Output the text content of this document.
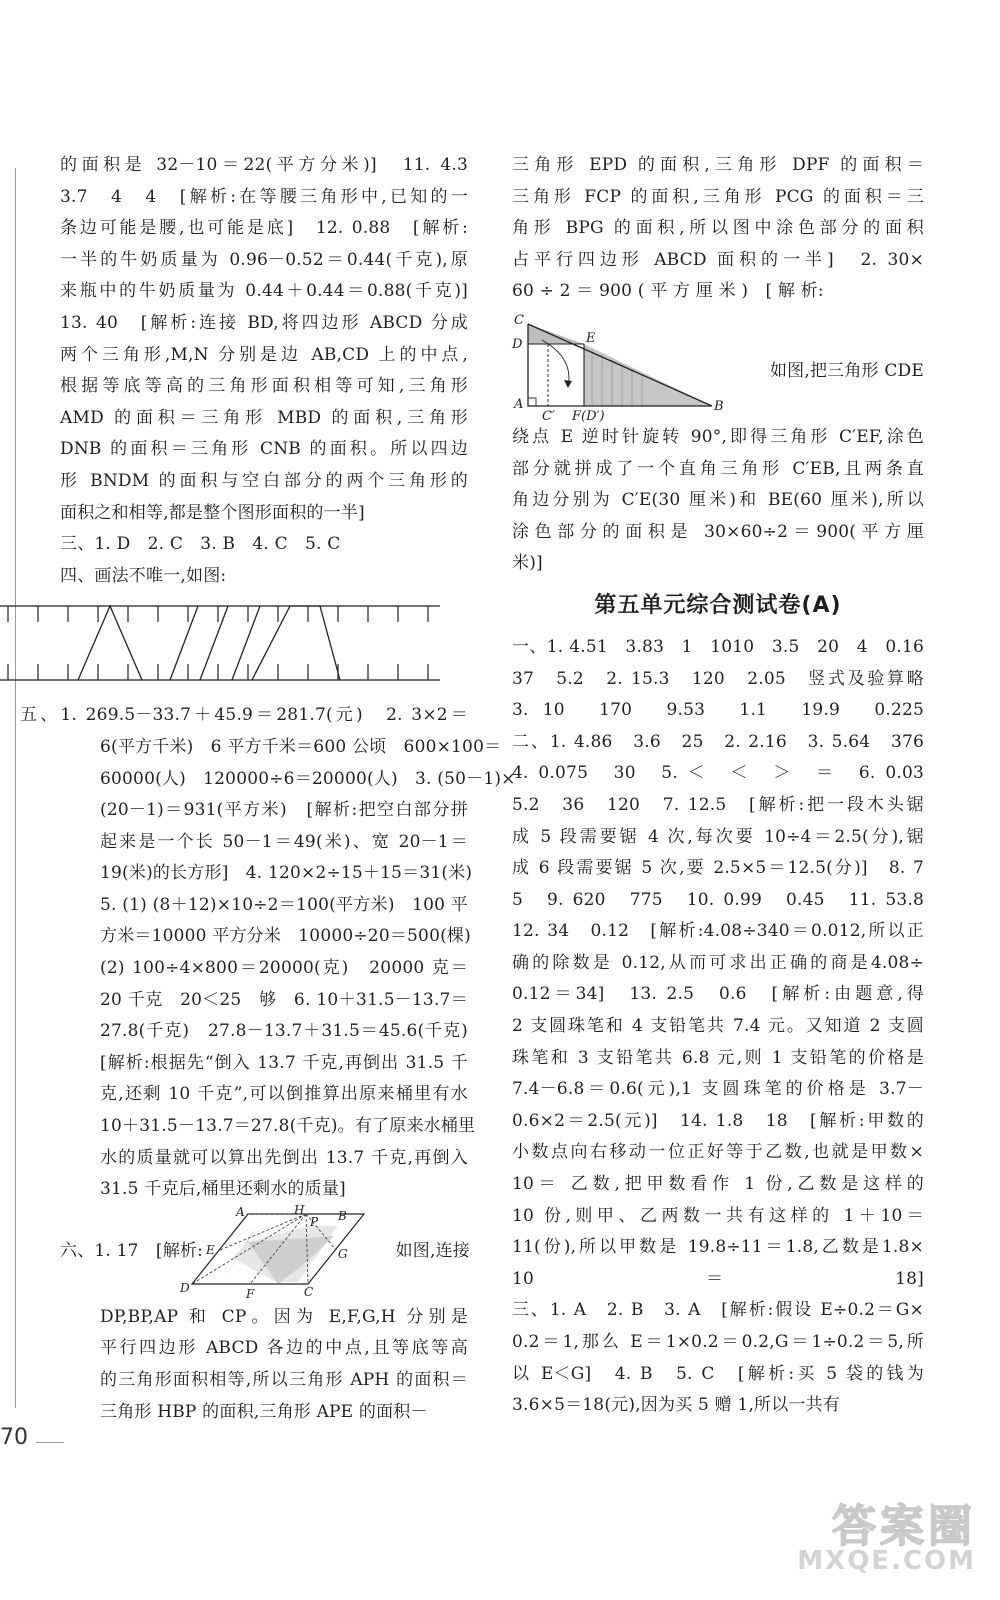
的面积是 32－10＝22(平方分米)]　11. 4.3
3.7　4　4　[解析:在等腰三角形中,已知的一
条边可能是腰,也可能是底]　12. 0.88　[解析:
一半的牛奶质量为 0.96－0.52＝0.44(千克),原
来瓶中的牛奶质量为 0.44＋0.44＝0.88(千克)]
13. 40　[解析:连接 BD,将四边形 ABCD 分成
两个三角形,M,N 分别是边 AB,CD 上的中点,
根据等底等高的三角形面积相等可知,三角形
AMD 的面积＝三角形 MBD 的面积,三角形
DNB 的面积＝三角形 CNB 的面积。所以四边
形 BNDM 的面积与空白部分的两个三角形的
面积之和相等,都是整个图形面积的一半]
三、1. D　2. C　3. B　4. C　5. C
四、画法不唯一,如图:
五、1. 269.5－33.7＋45.9＝281.7(元)　2. 3×2＝
6(平方千米)　6 平方千米＝600 公顷　600×100＝
60000(人)　120000÷6＝20000(人)　3. (50－1)×
(20－1)＝931(平方米)　[解析:把空白部分拼
起来是一个长 50－1＝49(米)、宽 20－1＝
19(米)的长方形]　4. 120×2÷15＋15＝31(米)
5. (1) (8＋12)×10÷2＝100(平方米)　100 平
方米＝10000 平方分米　10000÷20＝500(棵)
(2) 100÷4×800＝20000(克)　20000 克＝
20 千克　20＜25　够　6. 10＋31.5－13.7＝
27.8(千克)　27.8－13.7＋31.5＝45.6(千克)
[解析:根据先“倒入 13.7 千克,再倒出 31.5 千
克,还剩 10 千克”,可以倒推算出原来桶里有水
10＋31.5－13.7＝27.8(千克)。有了原来水桶里
水的质量就可以算出先倒出 13.7 千克,再倒入
31.5 千克后,桶里还剩水的质量]
六、1. 17　[解析:
A	H
P B
E	G
D	F	C
如图,连接
DP,BP,AP 和 CP。因为 E,F,G,H 分别是
平行四边形 ABCD 各边的中点,且等底等高
的三角形面积相等,所以三角形 APH 的面积＝
三角形 HBP 的面积,三角形 APE 的面积－
三角形 EPD 的面积,三角形 DPF 的面积＝
三角形 FCP 的面积,三角形 PCG 的面积＝三
角形 BPG 的面积,所以图中涂色部分的面积
占平行四边形 ABCD 面积的一半]　2. 30×
60 ÷ 2 ＝ 900 ( 平 方 厘 米 )　[ 解 析:
C
E
D
A
C′ F(D′)
B
如图,把三角形 CDE
绕点 E 逆时针旋转 90°,即得三角形 C′EF,涂色
部分就拼成了一个直角三角形 C′EB,且两条直
角边分别为 C′E(30 厘米)和 BE(60 厘米),所以
涂色部分的面积是 30×60÷2＝900(平方厘
米)]
第五单元综合测试卷(A)
一、1. 4.51　3.83　1　1010　3.5　20　4　0.16
37　5.2　2. 15.3　120　2.05　竖式及验算略
3. 10　170　9.53　1.1　19.9　0.225
二、1. 4.86　3.6　25　2. 2.16　3. 5.64　376
4. 0.075　30　5. ＜　＜　＞　＝　6. 0.03
5.2　36　120　7. 12.5　[解析:把一段木头锯
成 5 段需要锯 4 次,每次要 10÷4＝2.5(分),锯
成 6 段需要锯 5 次,要 2.5×5＝12.5(分)]　8. 7
5　9. 620　775　10. 0.99　0.45　11. 53.8
12. 34　0.12　[解析:4.08÷340＝0.012,所以正
确的除数是 0.12,从而可求出正确的商是4.08÷
0.12＝34]　13. 2.5　0.6　[解析:由题意,得
2 支圆珠笔和 4 支铅笔共 7.4 元。又知道 2 支圆
珠笔和 3 支铅笔共 6.8 元,则 1 支铅笔的价格是
7.4－6.8＝0.6(元),1 支圆珠笔的价格是 3.7－
0.6×2＝2.5(元)]　14. 1.8　18　[解析:甲数的
小数点向右移动一位正好等于乙数,也就是甲数×
10＝ 乙数,把甲数看作 1 份,乙数是这样的
10 份,则甲、乙两数一共有这样的 1＋10＝
11(份),所以甲数是 19.8÷11＝1.8,乙数是1.8×
10＝18]
三、1. A　2. B　3. A　[解析:假设 E÷0.2＝G×
0.2＝1,那么 E＝1×0.2＝0.2,G＝1÷0.2＝5,所
以 E＜G]　4. B　5. C　[解析:买 5 袋的钱为
3.6×5＝18(元),因为买 5 赠 1,所以一共有
70
答案圈
MXQE.COM
